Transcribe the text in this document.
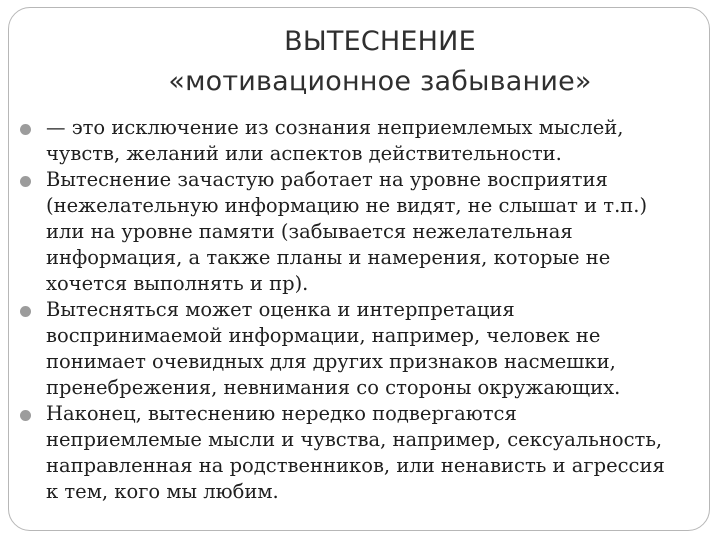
ВЫТЕСНЕНИЕ
«мотивационное забывание»
— это исключение из сознания неприемлемых мыслей,
чувств, желаний или аспектов действительности.
Вытеснение зачастую работает на уровне восприятия
(нежелательную информацию не видят, не слышат и т.п.)
или на уровне памяти (забывается нежелательная
информация, а также планы и намерения, которые не
хочется выполнять и пр).
Вытесняться может оценка и интерпретация
воспринимаемой информации, например, человек не
понимает очевидных для других признаков насмешки,
пренебрежения, невнимания со стороны окружающих.
Наконец, вытеснению нередко подвергаются
неприемлемые мысли и чувства, например, сексуальность,
направленная на родственников, или ненависть и агрессия
к тем, кого мы любим.
